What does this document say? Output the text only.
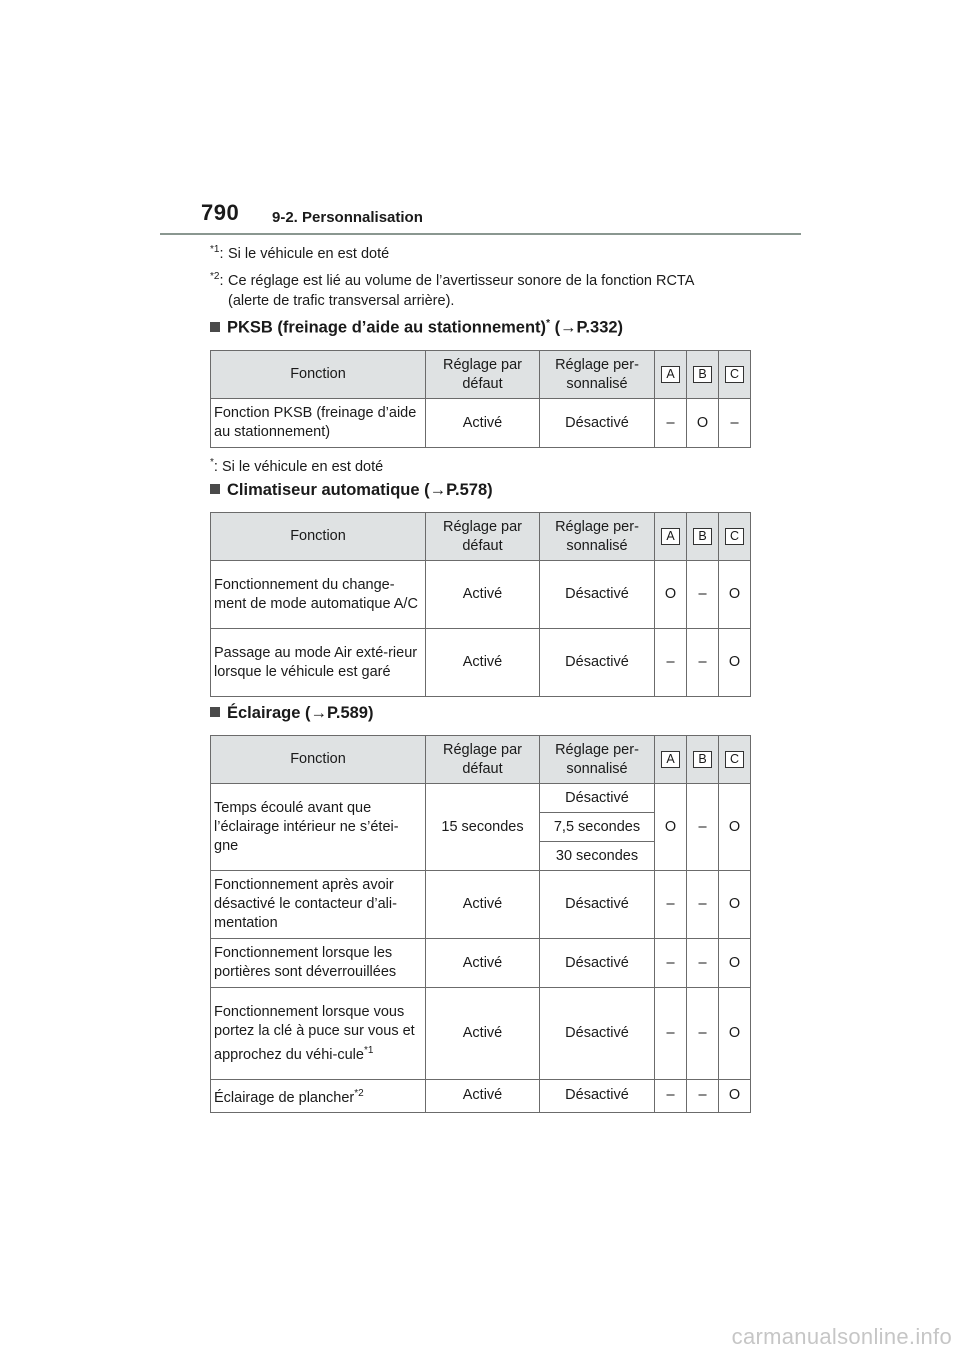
790 9-2. Personnalisation
$^{*1}$: Si le véhicule en est doté
$^{*2}$: Ce réglage est lié au volume de l’avertisseur sonore de la fonction RCTA
(alerte de trafic transversal arrière).
PKSB (freinage d’aide au stationnement)* (→P.332)
Fonction	Réglage par défaut	Réglage per-sonnalisé	A	B	C
Fonction PKSB (freinage d’aide au stationnement)	Activé	Désactivé	–	O	–
*: Si le véhicule en est doté
Climatiseur automatique (→P.578)
Fonction	Réglage par défaut	Réglage per-sonnalisé	A	B	C
Fonctionnement du change-ment de mode automatique A/C	Activé	Désactivé	O	–	O
Passage au mode Air exté-rieur lorsque le véhicule est garé	Activé	Désactivé	–	–	O
Éclairage (→P.589)
Fonction	Réglage par défaut	Réglage per-sonnalisé	A	B	C
Temps écoulé avant que l’éclairage intérieur ne s’étei-gne	15 secondes	Désactivé	O	–	O
		7,5 secondes			
		30 secondes			
Fonctionnement après avoir désactivé le contacteur d’ali-mentation	Activé	Désactivé	–	–	O
Fonctionnement lorsque les portières sont déverrouillées	Activé	Désactivé	–	–	O
Fonctionnement lorsque vous portez la clé à puce sur vous et approchez du véhi-cule$^{*1}$	Activé	Désactivé	–	–	O
Éclairage de plancher$^{*2}$	Activé	Désactivé	–	–	O
carmanualsonline.info
